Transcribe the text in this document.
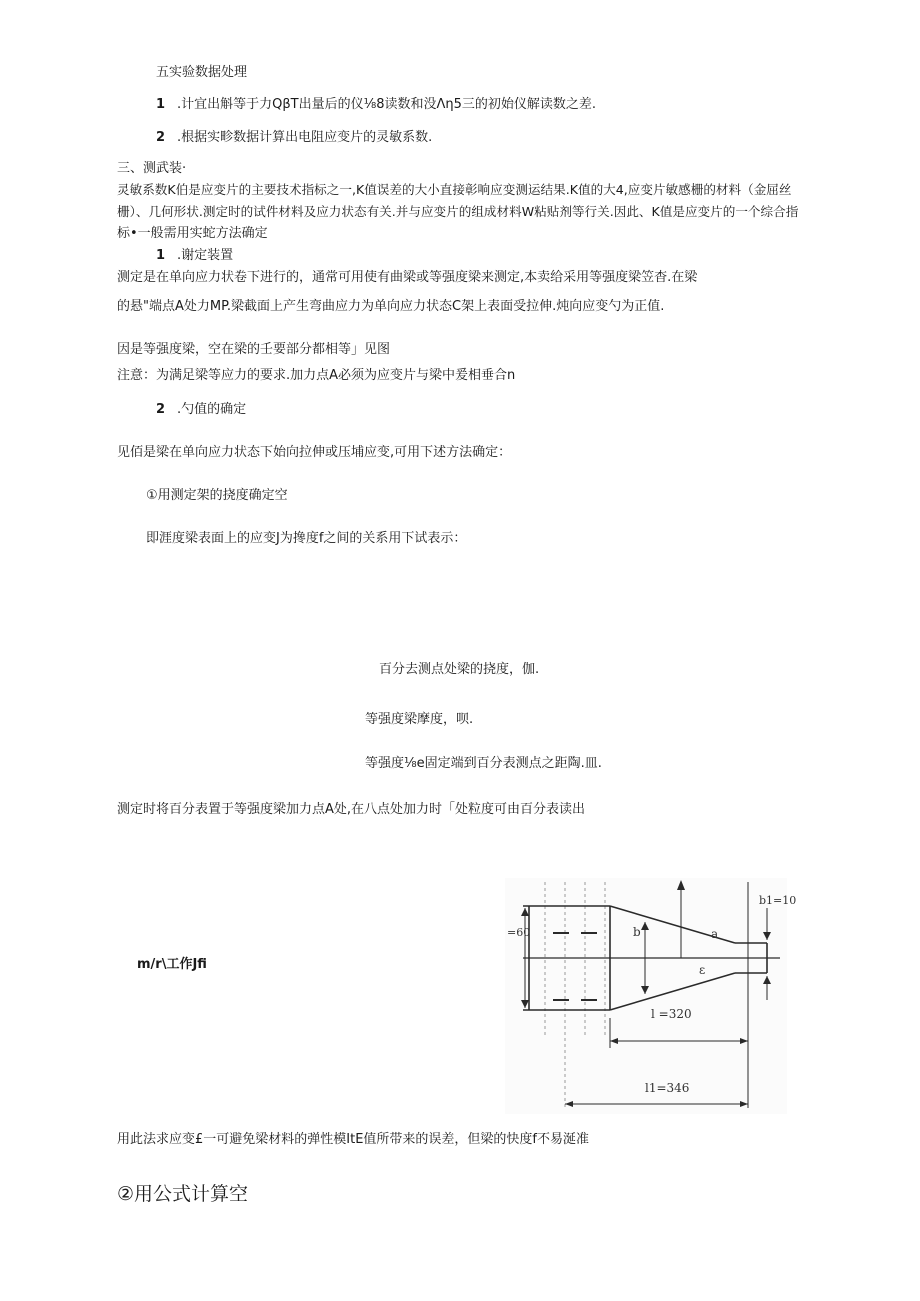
五实验数据处理
1 .计宜出斛等于力QβT出量后的仪⅛8读数和没Λη5三的初始仪解读数之差.
2 .根据实畛数据计算出电阻应变片的灵敏系数.
三、测武装·
灵敏系数K伯是应变片的主要技术指标之一,K值误差的大小直接彰响应变测运结果.K值的大4,应变片敏感栅的材料（金屈丝
栅）、几何形状.测定时的试件材料及应力状态有关.并与应变片的组成材料W粘贴剂等行关.因此、K值是应变片的一个综合指
标•一般需用实蛇方法确定
1 .谢定装置
测定是在单向应力状卷下进行的，通常可用使有曲梁或等强度梁来测定,本卖给采用等强度梁笠杳.在梁
的悬"端点A处力MP.梁截面上产生弯曲应力为单向应力状态C架上表面受拉伸.炖向应变勺为正值.
因是等强度梁，空在梁的壬要部分都相等」见图
注意：为满足梁等应力的要求.加力点A必须为应变片与梁中爰相垂合n
2 .勺值的确定
见佰是梁在单向应力状态下始向拉伸或压埔应变,可用下述方法确定：
①用测定架的挠度确定空
即涯度梁表面上的应变J为搀度f之间的关系用下试表示：
百分去测点处梁的挠度，伽.
等强度梁摩度，呗.
等强度⅛e固定端到百分表测点之距陶.皿.
测定时将百分表置于等强度梁加力点A处,在八点处加力时「处粒度可由百分表读出
m/r\工作Jfi
=60
b1=10
b	a
ε
l =320
l1=346
用此法求应变£一可避免梁材料的弹性模ItE值所带来的误差，但梁的快度f不易涎准
②用公式计算空
